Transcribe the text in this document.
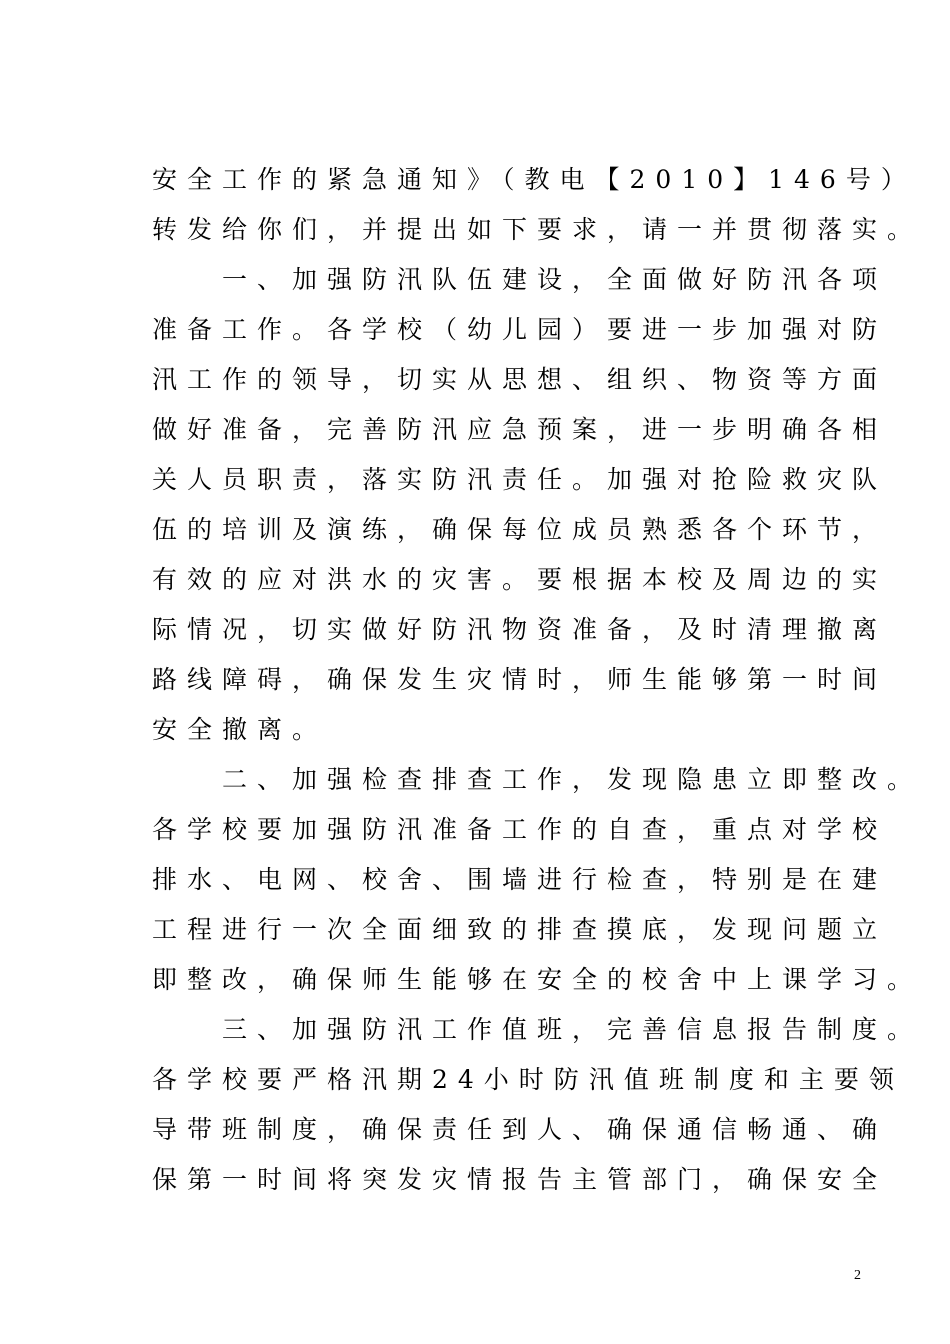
安全工作的紧急通知》（教电【2010】146号）
转发给你们，并提出如下要求，请一并贯彻落实。
　　一、加强防汛队伍建设，全面做好防汛各项
准备工作。各学校（幼儿园）要进一步加强对防
汛工作的领导，切实从思想、组织、物资等方面
做好准备，完善防汛应急预案，进一步明确各相
关人员职责，落实防汛责任。加强对抢险救灾队
伍的培训及演练，确保每位成员熟悉各个环节，
有效的应对洪水的灾害。要根据本校及周边的实
际情况，切实做好防汛物资准备，及时清理撤离
路线障碍，确保发生灾情时，师生能够第一时间
安全撤离。
　　二、加强检查排查工作，发现隐患立即整改。
各学校要加强防汛准备工作的自查，重点对学校
排水、电网、校舍、围墙进行检查，特别是在建
工程进行一次全面细致的排查摸底，发现问题立
即整改，确保师生能够在安全的校舍中上课学习。
　　三、加强防汛工作值班，完善信息报告制度。
各学校要严格汛期24小时防汛值班制度和主要领
导带班制度，确保责任到人、确保通信畅通、确
保第一时间将突发灾情报告主管部门，确保安全
2
